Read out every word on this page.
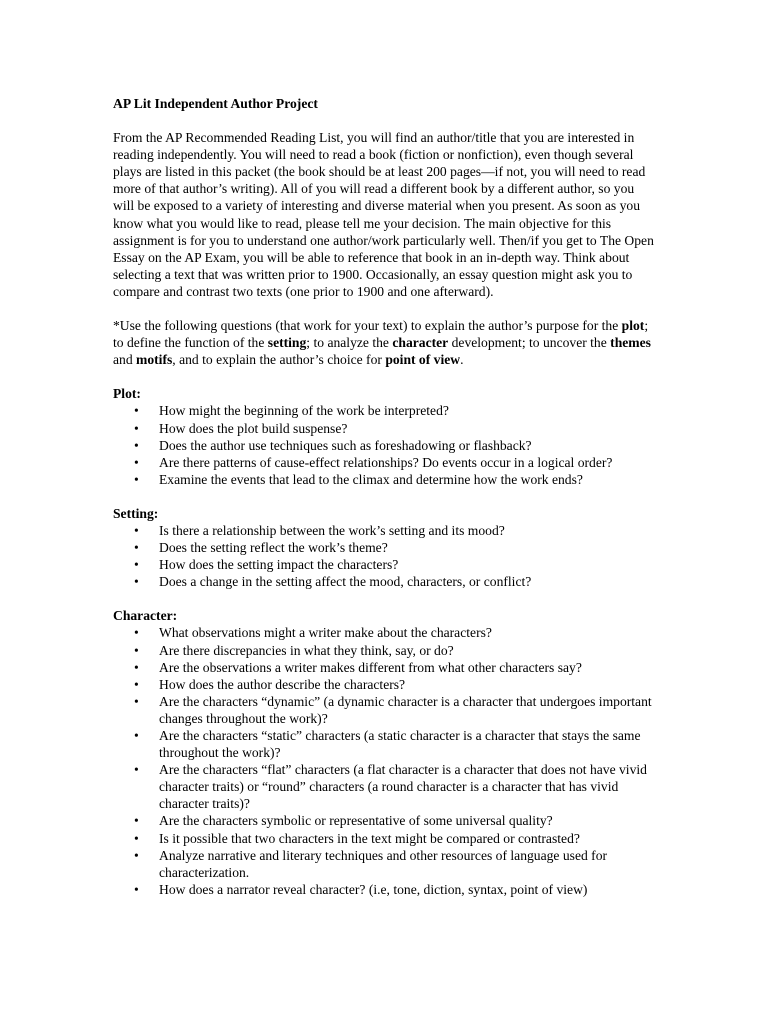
AP Lit Independent Author Project

From the AP Recommended Reading List, you will find an author/title that you are interested in reading independently. You will need to read a book (fiction or nonfiction), even though several plays are listed in this packet (the book should be at least 200 pages—if not, you will need to read more of that author’s writing). All of you will read a different book by a different author, so you will be exposed to a variety of interesting and diverse material when you present. As soon as you know what you would like to read, please tell me your decision. The main objective for this assignment is for you to understand one author/work particularly well. Then/if you get to The Open Essay on the AP Exam, you will be able to reference that book in an in-depth way. Think about selecting a text that was written prior to 1900. Occasionally, an essay question might ask you to compare and contrast two texts (one prior to 1900 and one afterward).

*Use the following questions (that work for your text) to explain the author’s purpose for the plot; to define the function of the setting; to analyze the character development; to uncover the themes and motifs, and to explain the author’s choice for point of view.

Plot:
• How might the beginning of the work be interpreted?
• How does the plot build suspense?
• Does the author use techniques such as foreshadowing or flashback?
• Are there patterns of cause-effect relationships? Do events occur in a logical order?
• Examine the events that lead to the climax and determine how the work ends?
Setting:
• Is there a relationship between the work’s setting and its mood?
• Does the setting reflect the work’s theme?
• How does the setting impact the characters?
• Does a change in the setting affect the mood, characters, or conflict?
Character:
• What observations might a writer make about the characters?
• Are there discrepancies in what they think, say, or do?
• Are the observations a writer makes different from what other characters say?
• How does the author describe the characters?
• Are the characters “dynamic” (a dynamic character is a character that undergoes important changes throughout the work)?
• Are the characters “static” characters (a static character is a character that stays the same throughout the work)?
• Are the characters “flat” characters (a flat character is a character that does not have vivid character traits) or “round” characters (a round character is a character that has vivid character traits)?
• Are the characters symbolic or representative of some universal quality?
• Is it possible that two characters in the text might be compared or contrasted?
• Analyze narrative and literary techniques and other resources of language used for characterization.
• How does a narrator reveal character? (i.e, tone, diction, syntax, point of view)
